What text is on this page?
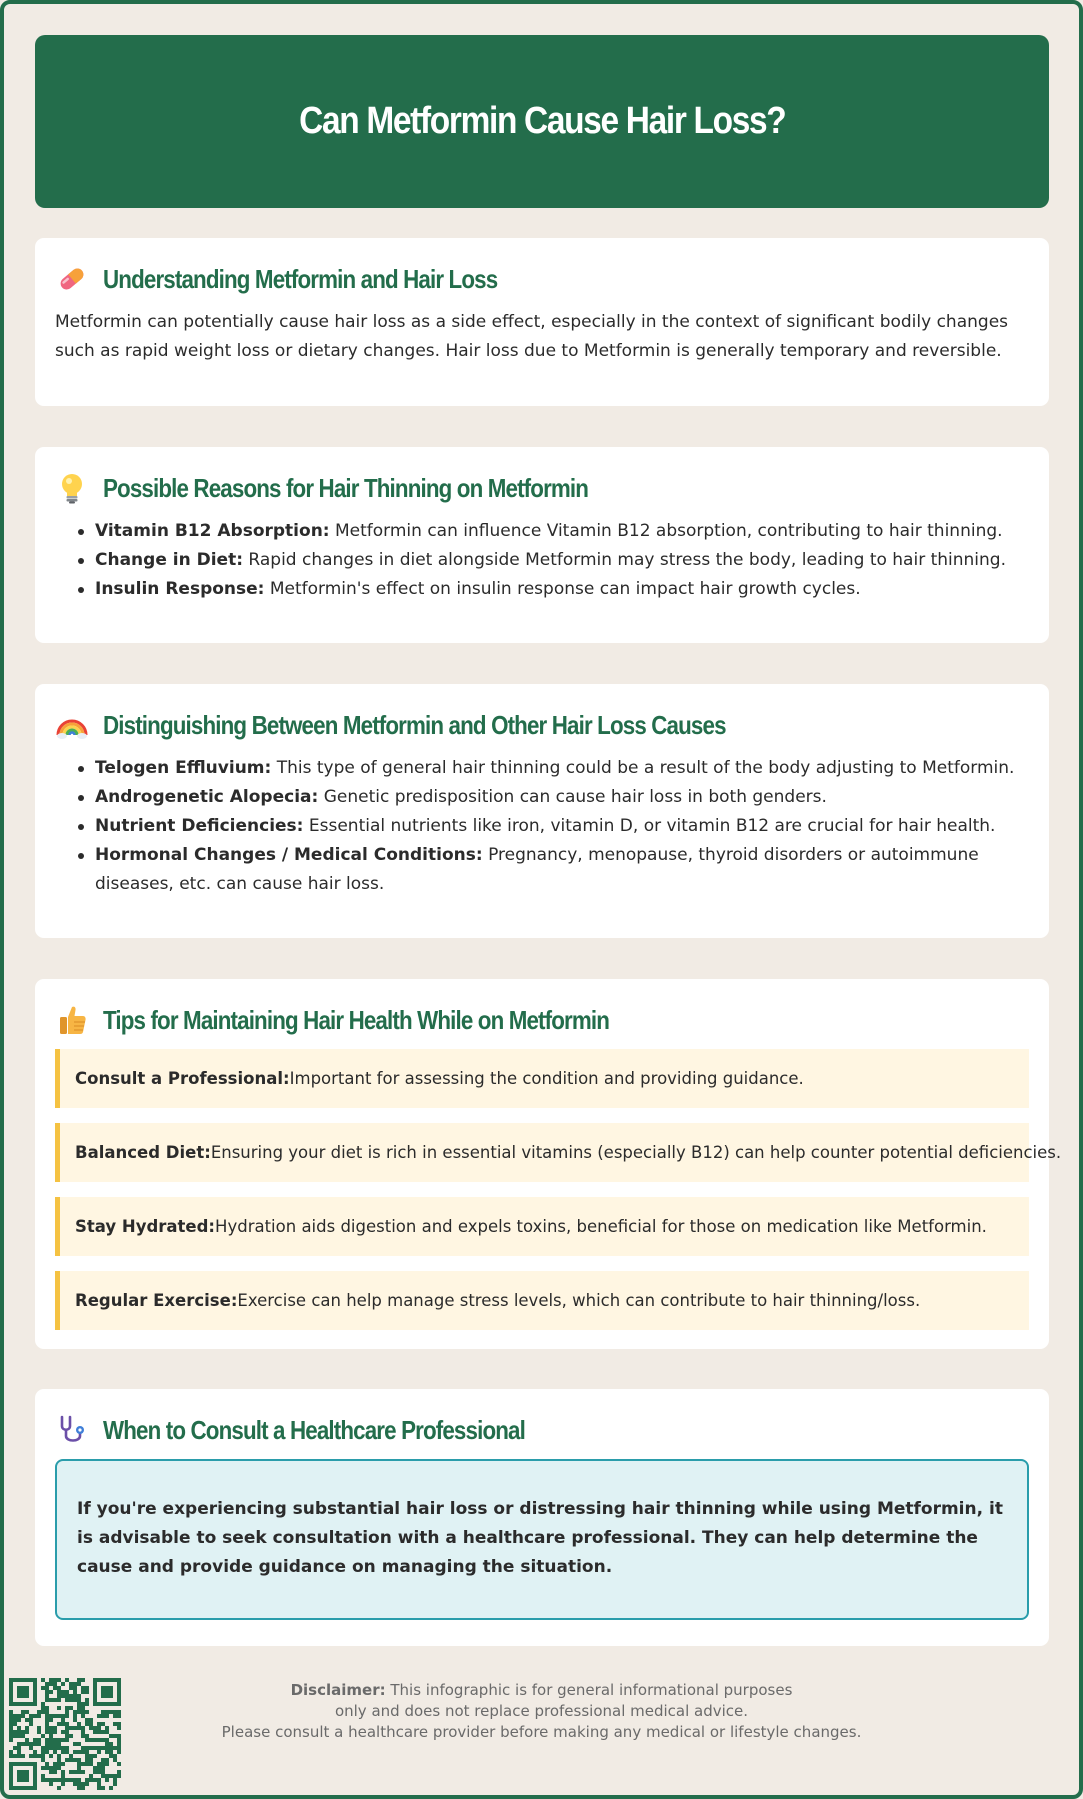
Can Metformin Cause Hair Loss?
Understanding Metformin and Hair Loss

Metformin can potentially cause hair loss as a side effect, especially in the context of significant bodily changes such as rapid weight loss or dietary changes. Hair loss due to Metformin is generally temporary and reversible.

Possible Reasons for Hair Thinning on Metformin
Vitamin B12 Absorption: Metformin can influence Vitamin B12 absorption, contributing to hair thinning.
Change in Diet: Rapid changes in diet alongside Metformin may stress the body, leading to hair thinning.
Insulin Response: Metformin's effect on insulin response can impact hair growth cycles.
Distinguishing Between Metformin and Other Hair Loss Causes
Telogen Effluvium: This type of general hair thinning could be a result of the body adjusting to Metformin.
Androgenetic Alopecia: Genetic predisposition can cause hair loss in both genders.
Nutrient Deficiencies: Essential nutrients like iron, vitamin D, or vitamin B12 are crucial for hair health.
Hormonal Changes / Medical Conditions: Pregnancy, menopause, thyroid disorders or autoimmune diseases, etc. can cause hair loss.
Tips for Maintaining Hair Health While on Metformin
Consult a Professional: Important for assessing the condition and providing guidance.
Balanced Diet: Ensuring your diet is rich in essential vitamins (especially B12) can help counter potential deficiencies.
Stay Hydrated: Hydration aids digestion and expels toxins, beneficial for those on medication like Metformin.
Regular Exercise: Exercise can help manage stress levels, which can contribute to hair thinning/loss.
When to Consult a Healthcare Professional
If you're experiencing substantial hair loss or distressing hair thinning while using Metformin, it is advisable to seek consultation with a healthcare professional. They can help determine the cause and provide guidance on managing the situation.
Disclaimer: This infographic is for general informational purposes
only and does not replace professional medical advice.
Please consult a healthcare provider before making any medical or lifestyle changes.
